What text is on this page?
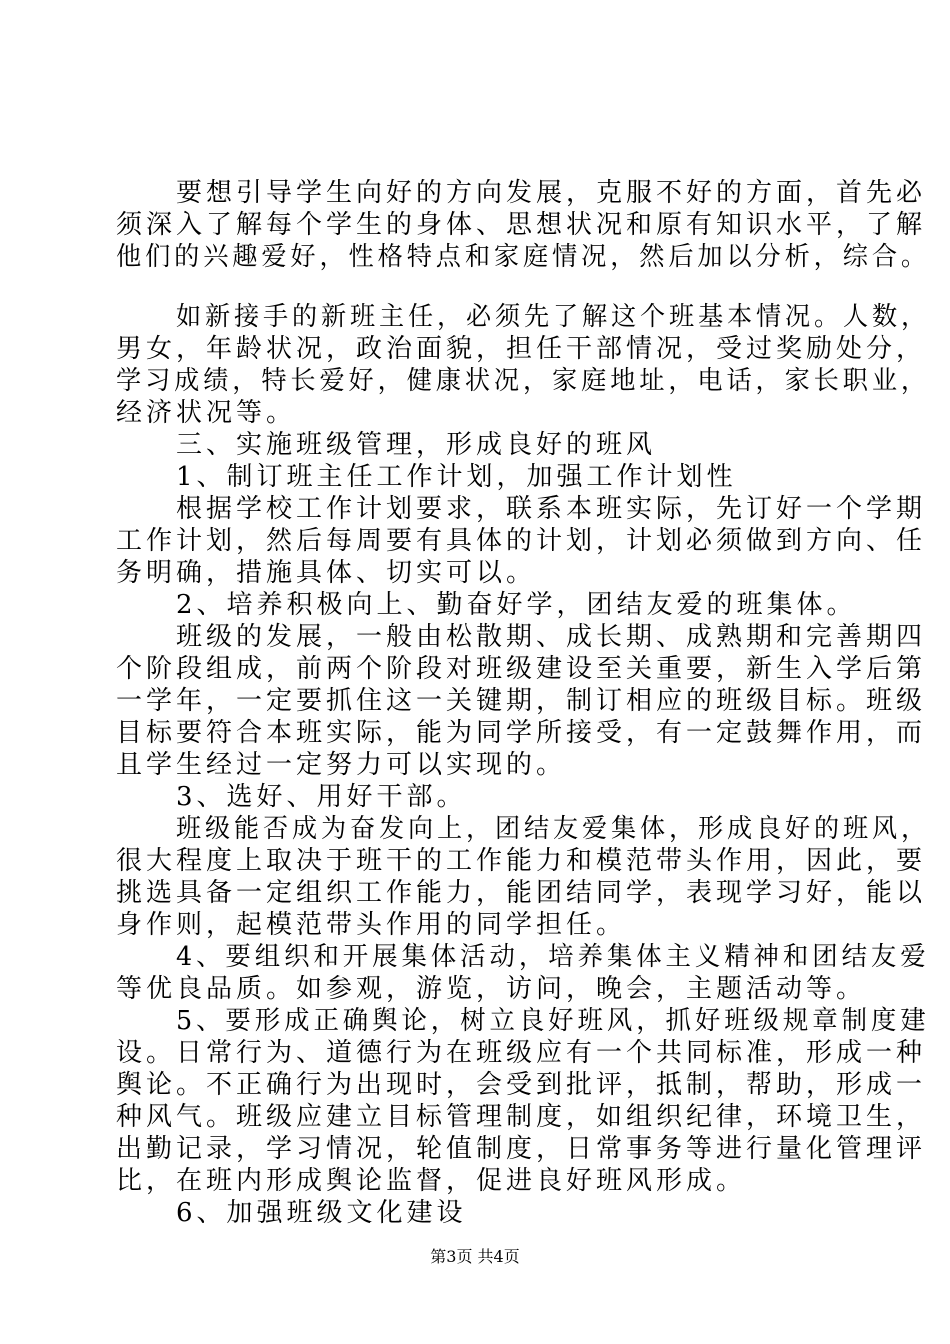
要想引导学生向好的方向发展，克服不好的方面，首先必
须深入了解每个学生的身体、思想状况和原有知识水平，了解
他们的兴趣爱好，性格特点和家庭情况，然后加以分析，综合。
如新接手的新班主任，必须先了解这个班基本情况。人数，
男女，年龄状况，政治面貌，担任干部情况，受过奖励处分，
学习成绩，特长爱好，健康状况，家庭地址，电话，家长职业，
经济状况等。
三、实施班级管理，形成良好的班风
1、制订班主任工作计划，加强工作计划性
根据学校工作计划要求，联系本班实际，先订好一个学期
工作计划，然后每周要有具体的计划，计划必须做到方向、任
务明确，措施具体、切实可以。
2、培养积极向上、勤奋好学，团结友爱的班集体。
班级的发展，一般由松散期、成长期、成熟期和完善期四
个阶段组成，前两个阶段对班级建设至关重要，新生入学后第
一学年，一定要抓住这一关键期，制订相应的班级目标。班级
目标要符合本班实际，能为同学所接受，有一定鼓舞作用，而
且学生经过一定努力可以实现的。
3、选好、用好干部。
班级能否成为奋发向上，团结友爱集体，形成良好的班风，
很大程度上取决于班干的工作能力和模范带头作用，因此，要
挑选具备一定组织工作能力，能团结同学，表现学习好，能以
身作则，起模范带头作用的同学担任。
4、要组织和开展集体活动，培养集体主义精神和团结友爱
等优良品质。如参观，游览，访问，晚会，主题活动等。
5、要形成正确舆论，树立良好班风，抓好班级规章制度建
设。日常行为、道德行为在班级应有一个共同标准，形成一种
舆论。不正确行为出现时，会受到批评，抵制，帮助，形成一
种风气。班级应建立目标管理制度，如组织纪律，环境卫生，
出勤记录，学习情况，轮值制度，日常事务等进行量化管理评
比，在班内形成舆论监督，促进良好班风形成。
6、加强班级文化建设
第3页 共4页
